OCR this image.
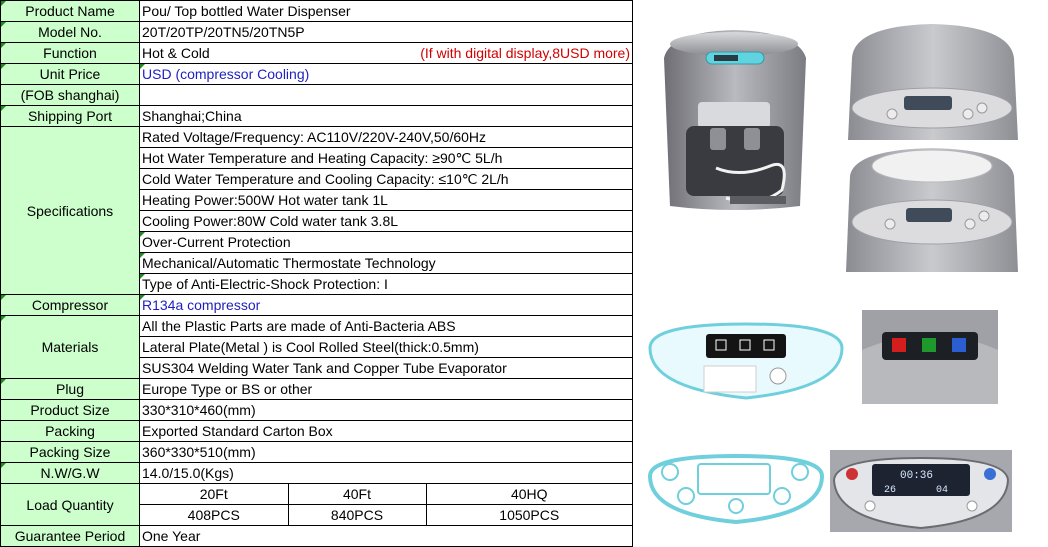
Product Name	Pou/ Top bottled Water Dispenser
Model No.	20T/20TP/20TN5/20TN5P
Function	Hot & Cold	(If with digital display,8USD more)

Unit Price	USD (compressor Cooling)
(FOB shanghai)	
Shipping Port	Shanghai;China
Specifications	Rated Voltage/Frequency: AC110V/220V-240V,50/60Hz
Hot Water Temperature and Heating Capacity: ≥90℃ 5L/h
Cold Water Temperature and Cooling Capacity: ≤10℃ 2L/h
Heating Power:500W Hot water tank 1L
Cooling Power:80W Cold water tank 3.8L
Over-Current Protection
Mechanical/Automatic Thermostate Technology
Type of Anti-Electric-Shock Protection: I
Compressor	R134a compressor
Materials	All the Plastic Parts are made of Anti-Bacteria ABS
Lateral Plate(Metal ) is Cool Rolled Steel(thick:0.5mm)
SUS304 Welding Water Tank and Copper Tube Evaporator
Plug	Europe Type or BS or other
Product Size	330*310*460(mm)
Packing	Exported Standard Carton Box
Packing Size	360*330*510(mm)
N.W/G.W	14.0/15.0(Kgs)
Load Quantity	
20Ft	40Ft	40HQ
408PCS	840PCS	1050PCS

Guarantee Period	One Year
00:36
26	04
